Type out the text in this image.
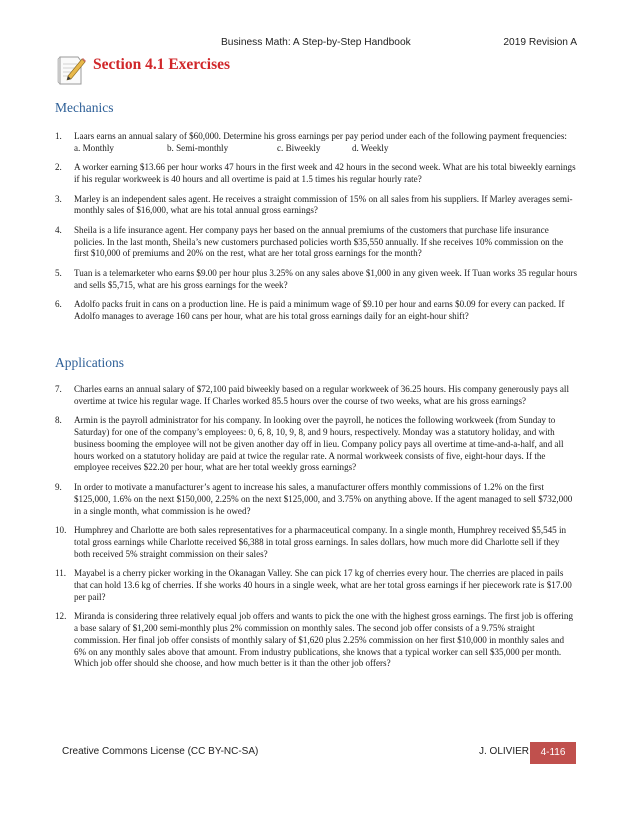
Business Math: A Step-by-Step Handbook	2019 Revision A
Section 4.1 Exercises
Mechanics
1. Laars earns an annual salary of $60,000. Determine his gross earnings per pay period under each of the following payment frequencies:
a. Monthly	b. Semi-monthly	c. Biweekly	d. Weekly
2. A worker earning $13.66 per hour works 47 hours in the first week and 42 hours in the second week. What are his total biweekly earnings if his regular workweek is 40 hours and all overtime is paid at 1.5 times his regular hourly rate?
3. Marley is an independent sales agent. He receives a straight commission of 15% on all sales from his suppliers. If Marley averages semi-monthly sales of $16,000, what are his total annual gross earnings?
4. Sheila is a life insurance agent. Her company pays her based on the annual premiums of the customers that purchase life insurance policies. In the last month, Sheila’s new customers purchased policies worth $35,550 annually. If she receives 10% commission on the first $10,000 of premiums and 20% on the rest, what are her total gross earnings for the month?
5. Tuan is a telemarketer who earns $9.00 per hour plus 3.25% on any sales above $1,000 in any given week. If Tuan works 35 regular hours and sells $5,715, what are his gross earnings for the week?
6. Adolfo packs fruit in cans on a production line. He is paid a minimum wage of $9.10 per hour and earns $0.09 for every can packed. If Adolfo manages to average 160 cans per hour, what are his total gross earnings daily for an eight-hour shift?
Applications
7. Charles earns an annual salary of $72,100 paid biweekly based on a regular workweek of 36.25 hours. His company generously pays all overtime at twice his regular wage. If Charles worked 85.5 hours over the course of two weeks, what are his gross earnings?
8. Armin is the payroll administrator for his company. In looking over the payroll, he notices the following workweek (from Sunday to Saturday) for one of the company’s employees: 0, 6, 8, 10, 9, 8, and 9 hours, respectively. Monday was a statutory holiday, and with business booming the employee will not be given another day off in lieu. Company policy pays all overtime at time-and-a-half, and all hours worked on a statutory holiday are paid at twice the regular rate. A normal workweek consists of five, eight-hour days. If the employee receives $22.20 per hour, what are her total weekly gross earnings?
9. In order to motivate a manufacturer’s agent to increase his sales, a manufacturer offers monthly commissions of 1.2% on the first $125,000, 1.6% on the next $150,000, 2.25% on the next $125,000, and 3.75% on anything above. If the agent managed to sell $732,000 in a single month, what commission is he owed?
10. Humphrey and Charlotte are both sales representatives for a pharmaceutical company. In a single month, Humphrey received $5,545 in total gross earnings while Charlotte received $6,388 in total gross earnings. In sales dollars, how much more did Charlotte sell if they both received 5% straight commission on their sales?
11. Mayabel is a cherry picker working in the Okanagan Valley. She can pick 17 kg of cherries every hour. The cherries are placed in pails that can hold 13.6 kg of cherries. If she works 40 hours in a single week, what are her total gross earnings if her piecework rate is $17.00 per pail?
12. Miranda is considering three relatively equal job offers and wants to pick the one with the highest gross earnings. The first job is offering a base salary of $1,200 semi-monthly plus 2% commission on monthly sales. The second job offer consists of a 9.75% straight commission. Her final job offer consists of monthly salary of $1,620 plus 2.25% commission on her first $10,000 in monthly sales and 6% on any monthly sales above that amount. From industry publications, she knows that a typical worker can sell $35,000 per month. Which job offer should she choose, and how much better is it than the other job offers?
Creative Commons License (CC BY-NC-SA)	J. OLIVIER	4-116
